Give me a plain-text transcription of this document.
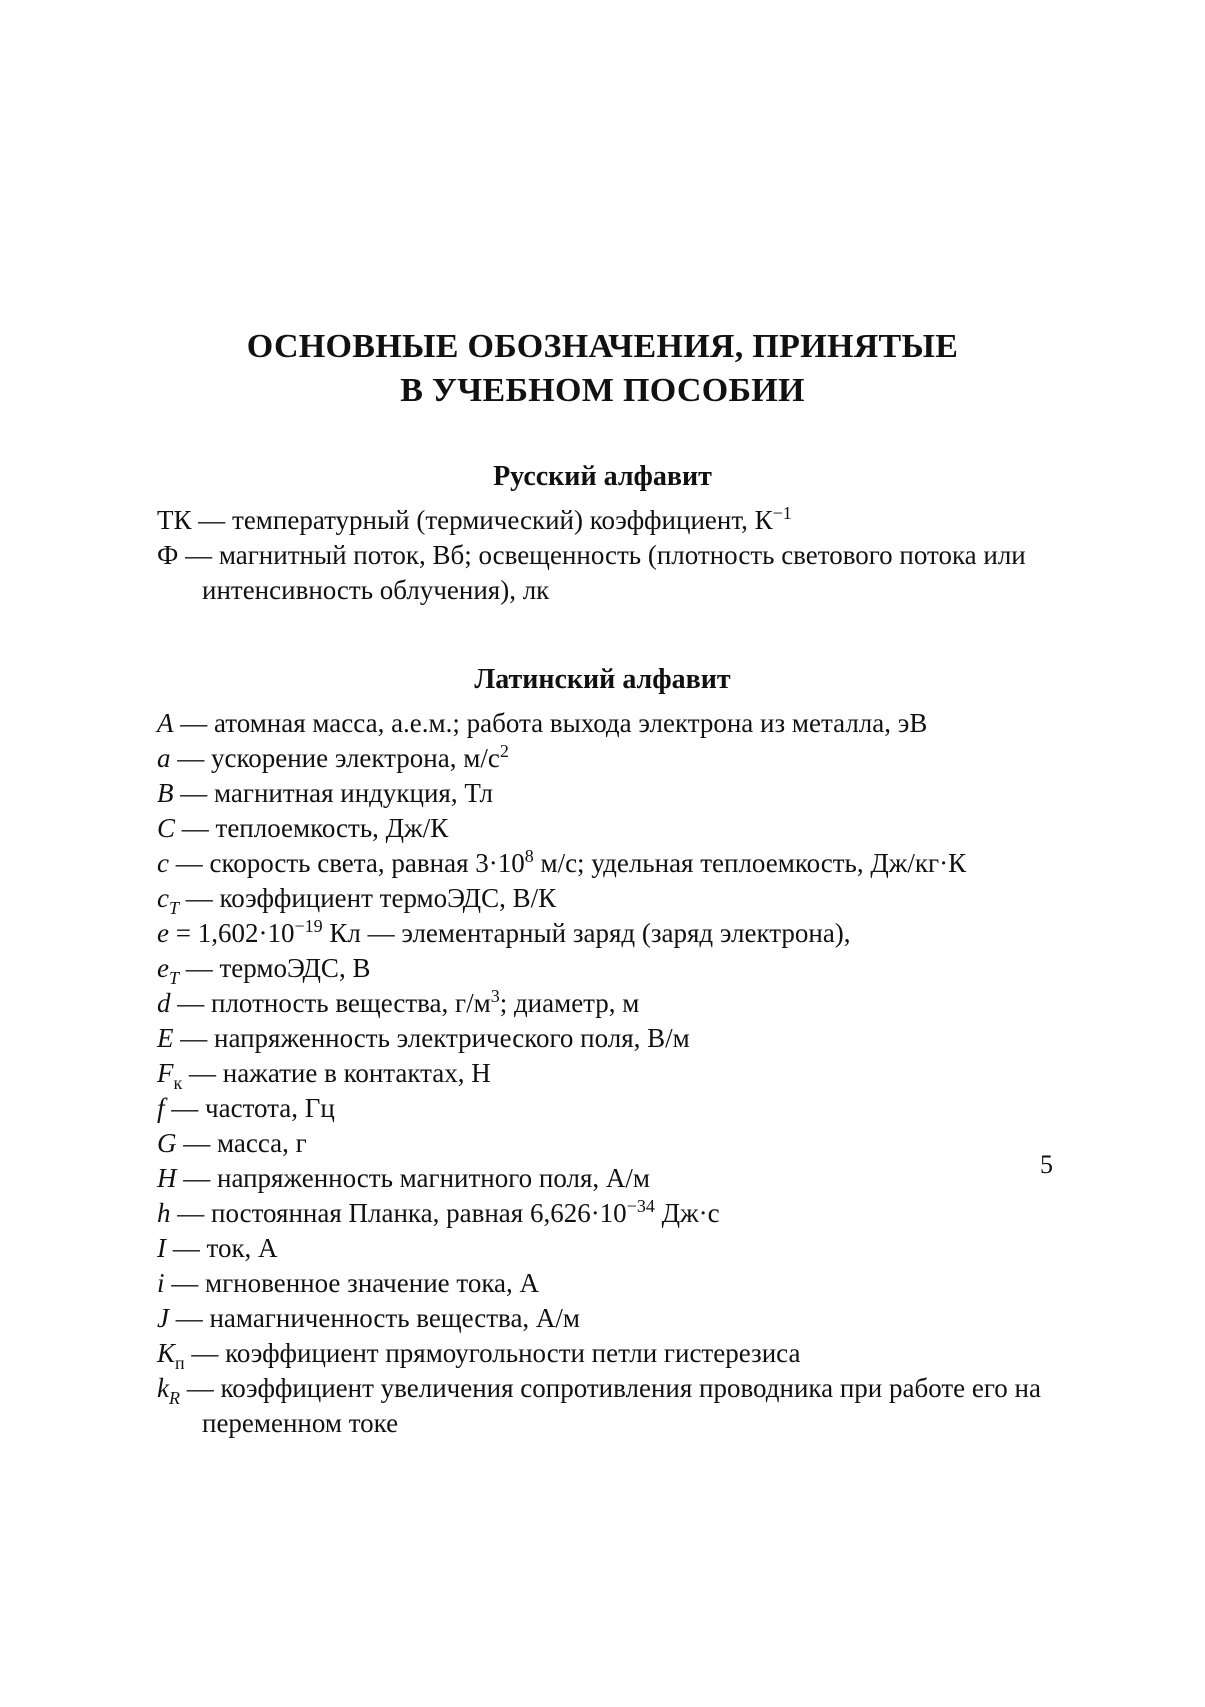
ОСНОВНЫЕ ОБОЗНАЧЕНИЯ, ПРИНЯТЫЕ
В УЧЕБНОМ ПОСОБИИ
Русский алфавит
ТК — температурный (термический) коэффициент, $К^{-1}$
Ф — магнитный поток, Вб; освещенность (плотность светового потока или интенсивность облучения), лк
Латинский алфавит
A — атомная масса, а.е.м.; работа выхода электрона из металла, эВ
a — ускорение электрона, $м/с^2$
B — магнитная индукция, Тл
C — теплоемкость, Дж/К
c — скорость света, равная $3\cdot 10^8$ м/с; удельная теплоемкость, Дж/кг·К
$c_T$ — коэффициент термоЭДС, В/К
$e = 1,602\cdot 10^{-19}$ Кл — элементарный заряд (заряд электрона),
$e_T$ — термоЭДС, В
d — плотность вещества, $г/м^3$; диаметр, м
E — напряженность электрического поля, В/м
$F_к$ — нажатие в контактах, Н
f — частота, Гц
G — масса, г
H — напряженность магнитного поля, А/м
h — постоянная Планка, равная $6,626\cdot 10^{-34}$ Дж·с
I — ток, А
i — мгновенное значение тока, А
J — намагниченность вещества, А/м
$K_п$ — коэффициент прямоугольности петли гистерезиса
$k_R$ — коэффициент увеличения сопротивления проводника при работе его на переменном токе
5
